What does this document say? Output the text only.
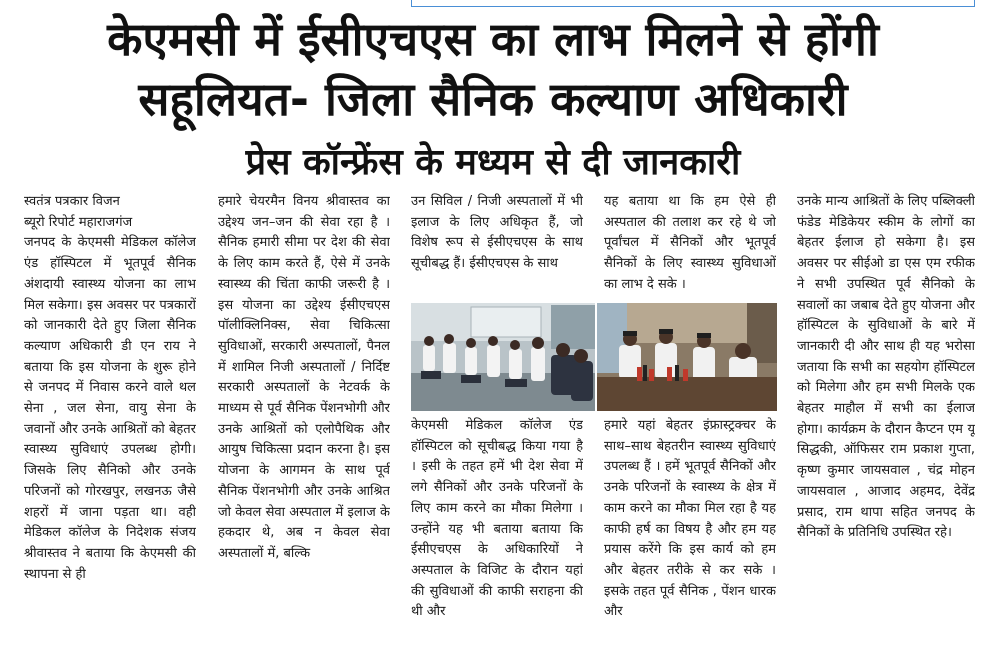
केएमसी में ईसीएचएस का लाभ मिलने से होंगी
सहूलियत- जिला सैनिक कल्याण अधिकारी
प्रेस कॉन्फ्रेंस के मध्यम से दी जानकारी

स्वतंत्र पत्रकार विजन
ब्यूरो रिपोर्ट महाराजगंज
जनपद के केएमसी मेडिकल कॉलेज एंड हॉस्पिटल में भूतपूर्व सैनिक अंशदायी स्वास्थ्य योजना का लाभ मिल सकेगा। इस अवसर पर पत्रकारों को जानकारी देते हुए जिला सैनिक कल्याण अधिकारी डी एन राय ने बताया कि इस योजना के शुरू होने से जनपद में निवास करने वाले थल सेना , जल सेना, वायु सेना के जवानों और उनके आश्रितों को बेहतर स्वास्थ्य सुविधाएं उपलब्ध होगी। जिसके लिए सैनिको और उनके परिजनों को गोरखपुर, लखनऊ जैसे शहरों में जाना पड़ता था। वही मेडिकल कॉलेज के निदेशक संजय श्रीवास्तव ने बताया कि केएमसी की स्थापना से ही

हमारे चेयरमैन विनय श्रीवास्तव का उद्देश्य जन–जन की सेवा रहा है । सैनिक हमारी सीमा पर देश की सेवा के लिए काम करते हैं, ऐसे में उनके स्वास्थ्य की चिंता काफी जरूरी है । इस योजना का उद्देश्य ईसीएचएस पॉलीक्लिनिक्स, सेवा चिकित्सा सुविधाओं, सरकारी अस्पतालों, पैनल में शामिल निजी अस्पतालों / निर्दिष्ट सरकारी अस्पतालों के नेटवर्क के माध्यम से पूर्व सैनिक पेंशनभोगी और उनके आश्रितों को एलोपैथिक और आयुष चिकित्सा प्रदान करना है। इस योजना के आगमन के साथ पूर्व सैनिक पेंशनभोगी और उनके आश्रित जो केवल सेवा अस्पताल में इलाज के हकदार थे, अब न केवल सेवा अस्पतालों में, बल्कि

उन सिविल / निजी अस्पतालों में भी इलाज के लिए अधिकृत हैं, जो विशेष रूप से ईसीएचएस के साथ सूचीबद्ध हैं। ईसीएचएस के साथ

केएमसी मेडिकल कॉलेज एंड हॉस्पिटल को सूचीबद्ध किया गया है । इसी के तहत हमें भी देश सेवा में लगे सैनिकों और उनके परिजनों के लिए काम करने का मौका मिलेगा । उन्होंने यह भी बताया बताया कि ईसीएचएस के अधिकारियों ने अस्पताल के विजिट के दौरान यहां की सुविधाओं की काफी सराहना की थी और

यह बताया था कि हम ऐसे ही अस्पताल की तलाश कर रहे थे जो पूर्वांचल में सैनिकों और भूतपूर्व सैनिकों के लिए स्वास्थ्य सुविधाओं का लाभ दे सके ।

हमारे यहां बेहतर इंफ्रास्ट्रक्चर के साथ–साथ बेहतरीन स्वास्थ्य सुविधाएं उपलब्ध हैं । हमें भूतपूर्व सैनिकों और उनके परिजनों के स्वास्थ्य के क्षेत्र में काम करने का मौका मिल रहा है यह काफी हर्ष का विषय है और हम यह प्रयास करेंगे कि इस कार्य को हम और बेहतर तरीके से कर सके । इसके तहत पूर्व सैनिक , पेंशन धारक और

उनके मान्य आश्रितों के लिए पब्लिक्ली फंडेड मेडिकेयर स्कीम के लोगों का बेहतर ईलाज हो सकेगा है। इस अवसर पर सीईओ डा एस एम रफीक ने सभी उपस्थित पूर्व सैनिको के सवालों का जबाब देते हुए योजना और हॉस्पिटल के सुविधाओं के बारे में जानकारी दी और साथ ही यह भरोसा जताया कि सभी का सहयोग हॉस्पिटल को मिलेगा और हम सभी मिलके एक बेहतर माहौल में सभी का ईलाज होगा। कार्यक्रम के दौरान कैप्टन एम यू सिद्धकी, ऑफिसर राम प्रकाश गुप्ता, कृष्ण कुमार जायसवाल , चंद्र मोहन जायसवाल , आजाद अहमद, देवेंद्र प्रसाद, राम थापा सहित जनपद के सैनिकों के प्रतिनिधि उपस्थित रहे।
